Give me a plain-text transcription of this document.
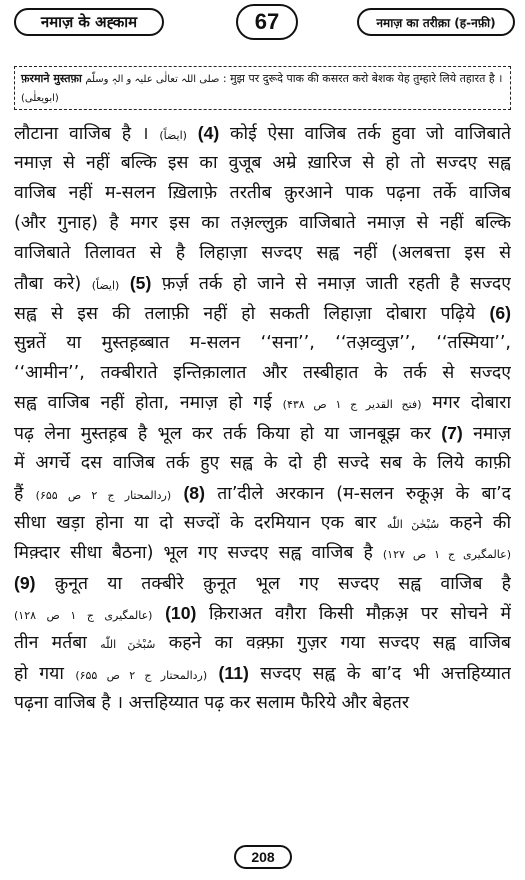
नमाज़ के अह्काम	67	नमाज़ का तरीक़ा (ह-नफ़ी)
फ़रमाने मुस्तफ़ा صلی اللہ تعالٰی علیہ و الہٖ وسلّم : मुझ पर दुरूदे पाक की कसरत करो बेशक येह तुम्हारे लिये तहारत है । (ابویعلٰی)
लौटाना वाजिब है । (ایضاً) (4) कोई ऐसा वाजिब तर्क हुवा जो वाजिबाते
नमाज़ से नहीं बल्कि इस का वुजूब अम्रे ख़ारिज से हो तो सज्दए सह्व
वाजिब नहीं म-सलन ख़िलाफ़े तरतीब क़ुरआने पाक पढ़ना तर्के वाजिब
(और गुनाह) है मगर इस का तअ़ल्लुक़ वाजिबाते नमाज़ से नहीं बल्कि
वाजिबाते तिलावत से है लिहाज़ा सज्दए सह्व नहीं (अलबत्ता इस से
तौबा करे) (ایضاً) (5) फ़र्ज़ तर्क हो जाने से नमाज़ जाती रहती है सज्दए
सह्व से इस की तलाफ़ी नहीं हो सकती लिहाज़ा दोबारा पढ़िये (6)
सुन्नतें या मुस्तह़ब्बात म-सलन ‘‘सना’’, ‘‘तअ़व्वुज़’’, ‘‘तस्मिया’’,
‘‘आमीन’’, तक्बीराते इन्तिक़ालात और तस्बीहात के तर्क से सज्दए
सह्व वाजिब नहीं होता, नमाज़ हो गई (فتح القدیر ج ۱ ص ۴۳۸) मगर दोबारा
पढ़ लेना मुस्तह़ब है भूल कर तर्क किया हो या जानबूझ कर (7) नमाज़
में अगर्चे दस वाजिब तर्क हुए सह्व के दो ही सज्दे सब के लिये काफ़ी
हैं (ردالمحتار ج ۲ ص ۶۵۵) (8) ता’दीले अरकान (म-सलन रुकूअ़ के बा’द
सीधा खड़ा होना या दो सज्दों के दरमियान एक बार سُبْحٰنَ اللّٰه कहने की
मिक़्दार सीधा बैठना) भूल गए सज्दए सह्व वाजिब है (عالمگیری ج ۱ ص ۱۲۷)
(9) क़ुनूत या तक्बीरे क़ुनूत भूल गए सज्दए सह्व वाजिब है
(عالمگیری ج ۱ ص ۱۲۸) (10) क़िराअत वग़ैरा किसी मौक़अ़ पर सोचने में
तीन मर्तबा سُبْحٰنَ اللّٰه कहने का वक़्फ़ा गुज़र गया सज्दए सह्व वाजिब
हो गया (ردالمحتار ج ۲ ص ۶۵۵) (11) सज्दए सह्व के बा’द भी अत्तहिय्यात
पढ़ना वाजिब है । अत्तहिय्यात पढ़ कर सलाम फैरिये और बेहतर
208
